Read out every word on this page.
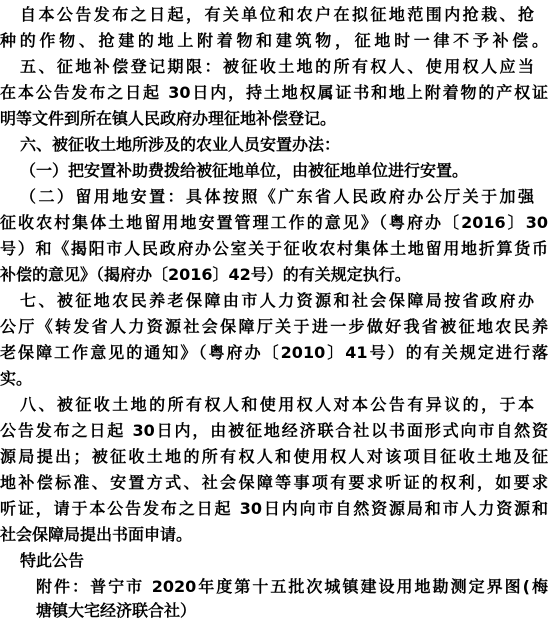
自本公告发布之日起，有关单位和农户在拟征地范围内抢栽、抢
种的作物、抢建的地上附着物和建筑物，征地时一律不予补偿。
五、征地补偿登记期限：被征收土地的所有权人、使用权人应当
在本公告发布之日起 30日内，持土地权属证书和地上附着物的产权证
明等文件到所在镇人民政府办理征地补偿登记。
六、被征收土地所涉及的农业人员安置办法：
（一）把安置补助费拨给被征地单位，由被征地单位进行安置。
（二）留用地安置：具体按照《广东省人民政府办公厅关于加强
征收农村集体土地留用地安置管理工作的意见》（粤府办〔2016〕30
号）和《揭阳市人民政府办公室关于征收农村集体土地留用地折算货币
补偿的意见》（揭府办〔2016〕42号）的有关规定执行。
七、被征地农民养老保障由市人力资源和社会保障局按省政府办
公厅《转发省人力资源社会保障厅关于进一步做好我省被征地农民养
老保障工作意见的通知》（粤府办〔2010〕41号）的有关规定进行落
实。
八、被征收土地的所有权人和使用权人对本公告有异议的，于本
公告发布之日起 30日内，由被征地经济联合社以书面形式向市自然资
源局提出；被征收土地的所有权人和使用权人对该项目征收土地及征
地补偿标准、安置方式、社会保障等事项有要求听证的权利，如要求
听证，请于本公告发布之日起 30日内向市自然资源局和市人力资源和
社会保障局提出书面申请。
特此公告
附件：普宁市 2020年度第十五批次城镇建设用地勘测定界图(梅
塘镇大宅经济联合社）
